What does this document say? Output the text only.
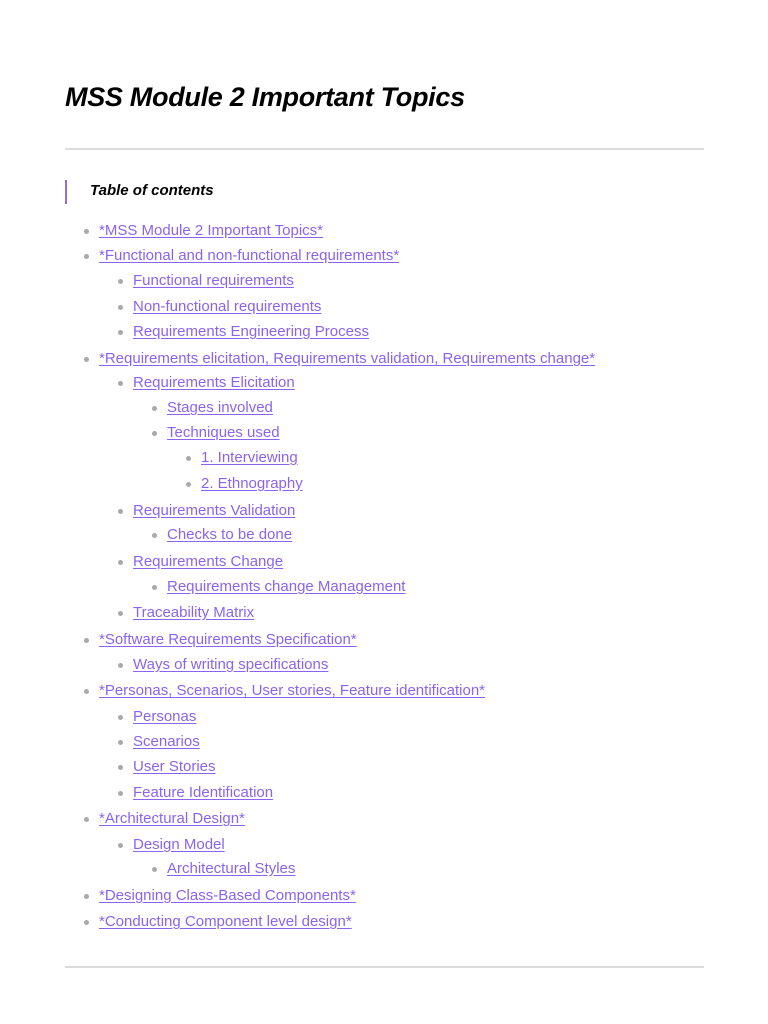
MSS Module 2 Important Topics
Table of contents
*MSS Module 2 Important Topics*
*Functional and non-functional requirements*
Functional requirements
Non-functional requirements
Requirements Engineering Process
*Requirements elicitation, Requirements validation, Requirements change*
Requirements Elicitation
Stages involved
Techniques used
1. Interviewing
2. Ethnography
Requirements Validation
Checks to be done
Requirements Change
Requirements change Management
Traceability Matrix
*Software Requirements Specification*
Ways of writing specifications
*Personas, Scenarios, User stories, Feature identification*
Personas
Scenarios
User Stories
Feature Identification
*Architectural Design*
Design Model
Architectural Styles
*Designing Class-Based Components*
*Conducting Component level design*
